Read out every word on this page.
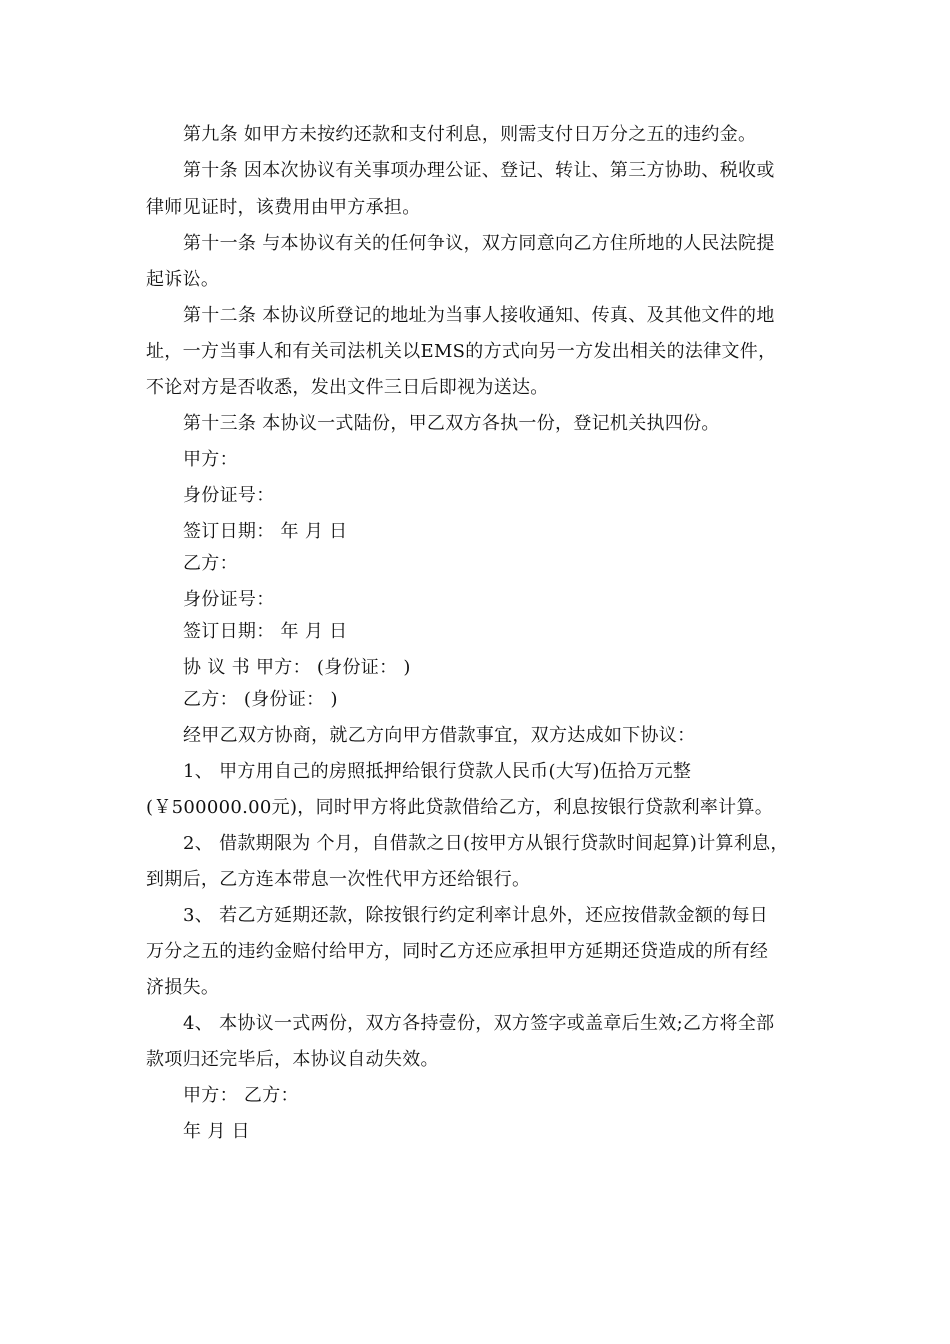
第九条 如甲方未按约还款和支付利息，则需支付日万分之五的违约金。
第十条 因本次协议有关事项办理公证、登记、转让、第三方协助、税收或
律师见证时，该费用由甲方承担。
第十一条 与本协议有关的任何争议，双方同意向乙方住所地的人民法院提
起诉讼。
第十二条 本协议所登记的地址为当事人接收通知、传真、及其他文件的地
址，一方当事人和有关司法机关以EMS的方式向另一方发出相关的法律文件，
不论对方是否收悉，发出文件三日后即视为送达。
第十三条 本协议一式陆份，甲乙双方各执一份，登记机关执四份。
甲方：
身份证号：
签订日期： 年 月 日
乙方：
身份证号：
签订日期： 年 月 日
协 议 书 甲方： (身份证： )
乙方： (身份证： )
经甲乙双方协商，就乙方向甲方借款事宜，双方达成如下协议：
1、 甲方用自己的房照抵押给银行贷款人民币(大写)伍拾万元整
(￥500000.00元)，同时甲方将此贷款借给乙方，利息按银行贷款利率计算。
2、 借款期限为 个月，自借款之日(按甲方从银行贷款时间起算)计算利息，
到期后，乙方连本带息一次性代甲方还给银行。
3、 若乙方延期还款，除按银行约定利率计息外，还应按借款金额的每日
万分之五的违约金赔付给甲方，同时乙方还应承担甲方延期还贷造成的所有经
济损失。
4、 本协议一式两份，双方各持壹份，双方签字或盖章后生效;乙方将全部
款项归还完毕后，本协议自动失效。
甲方： 乙方：
年 月 日
